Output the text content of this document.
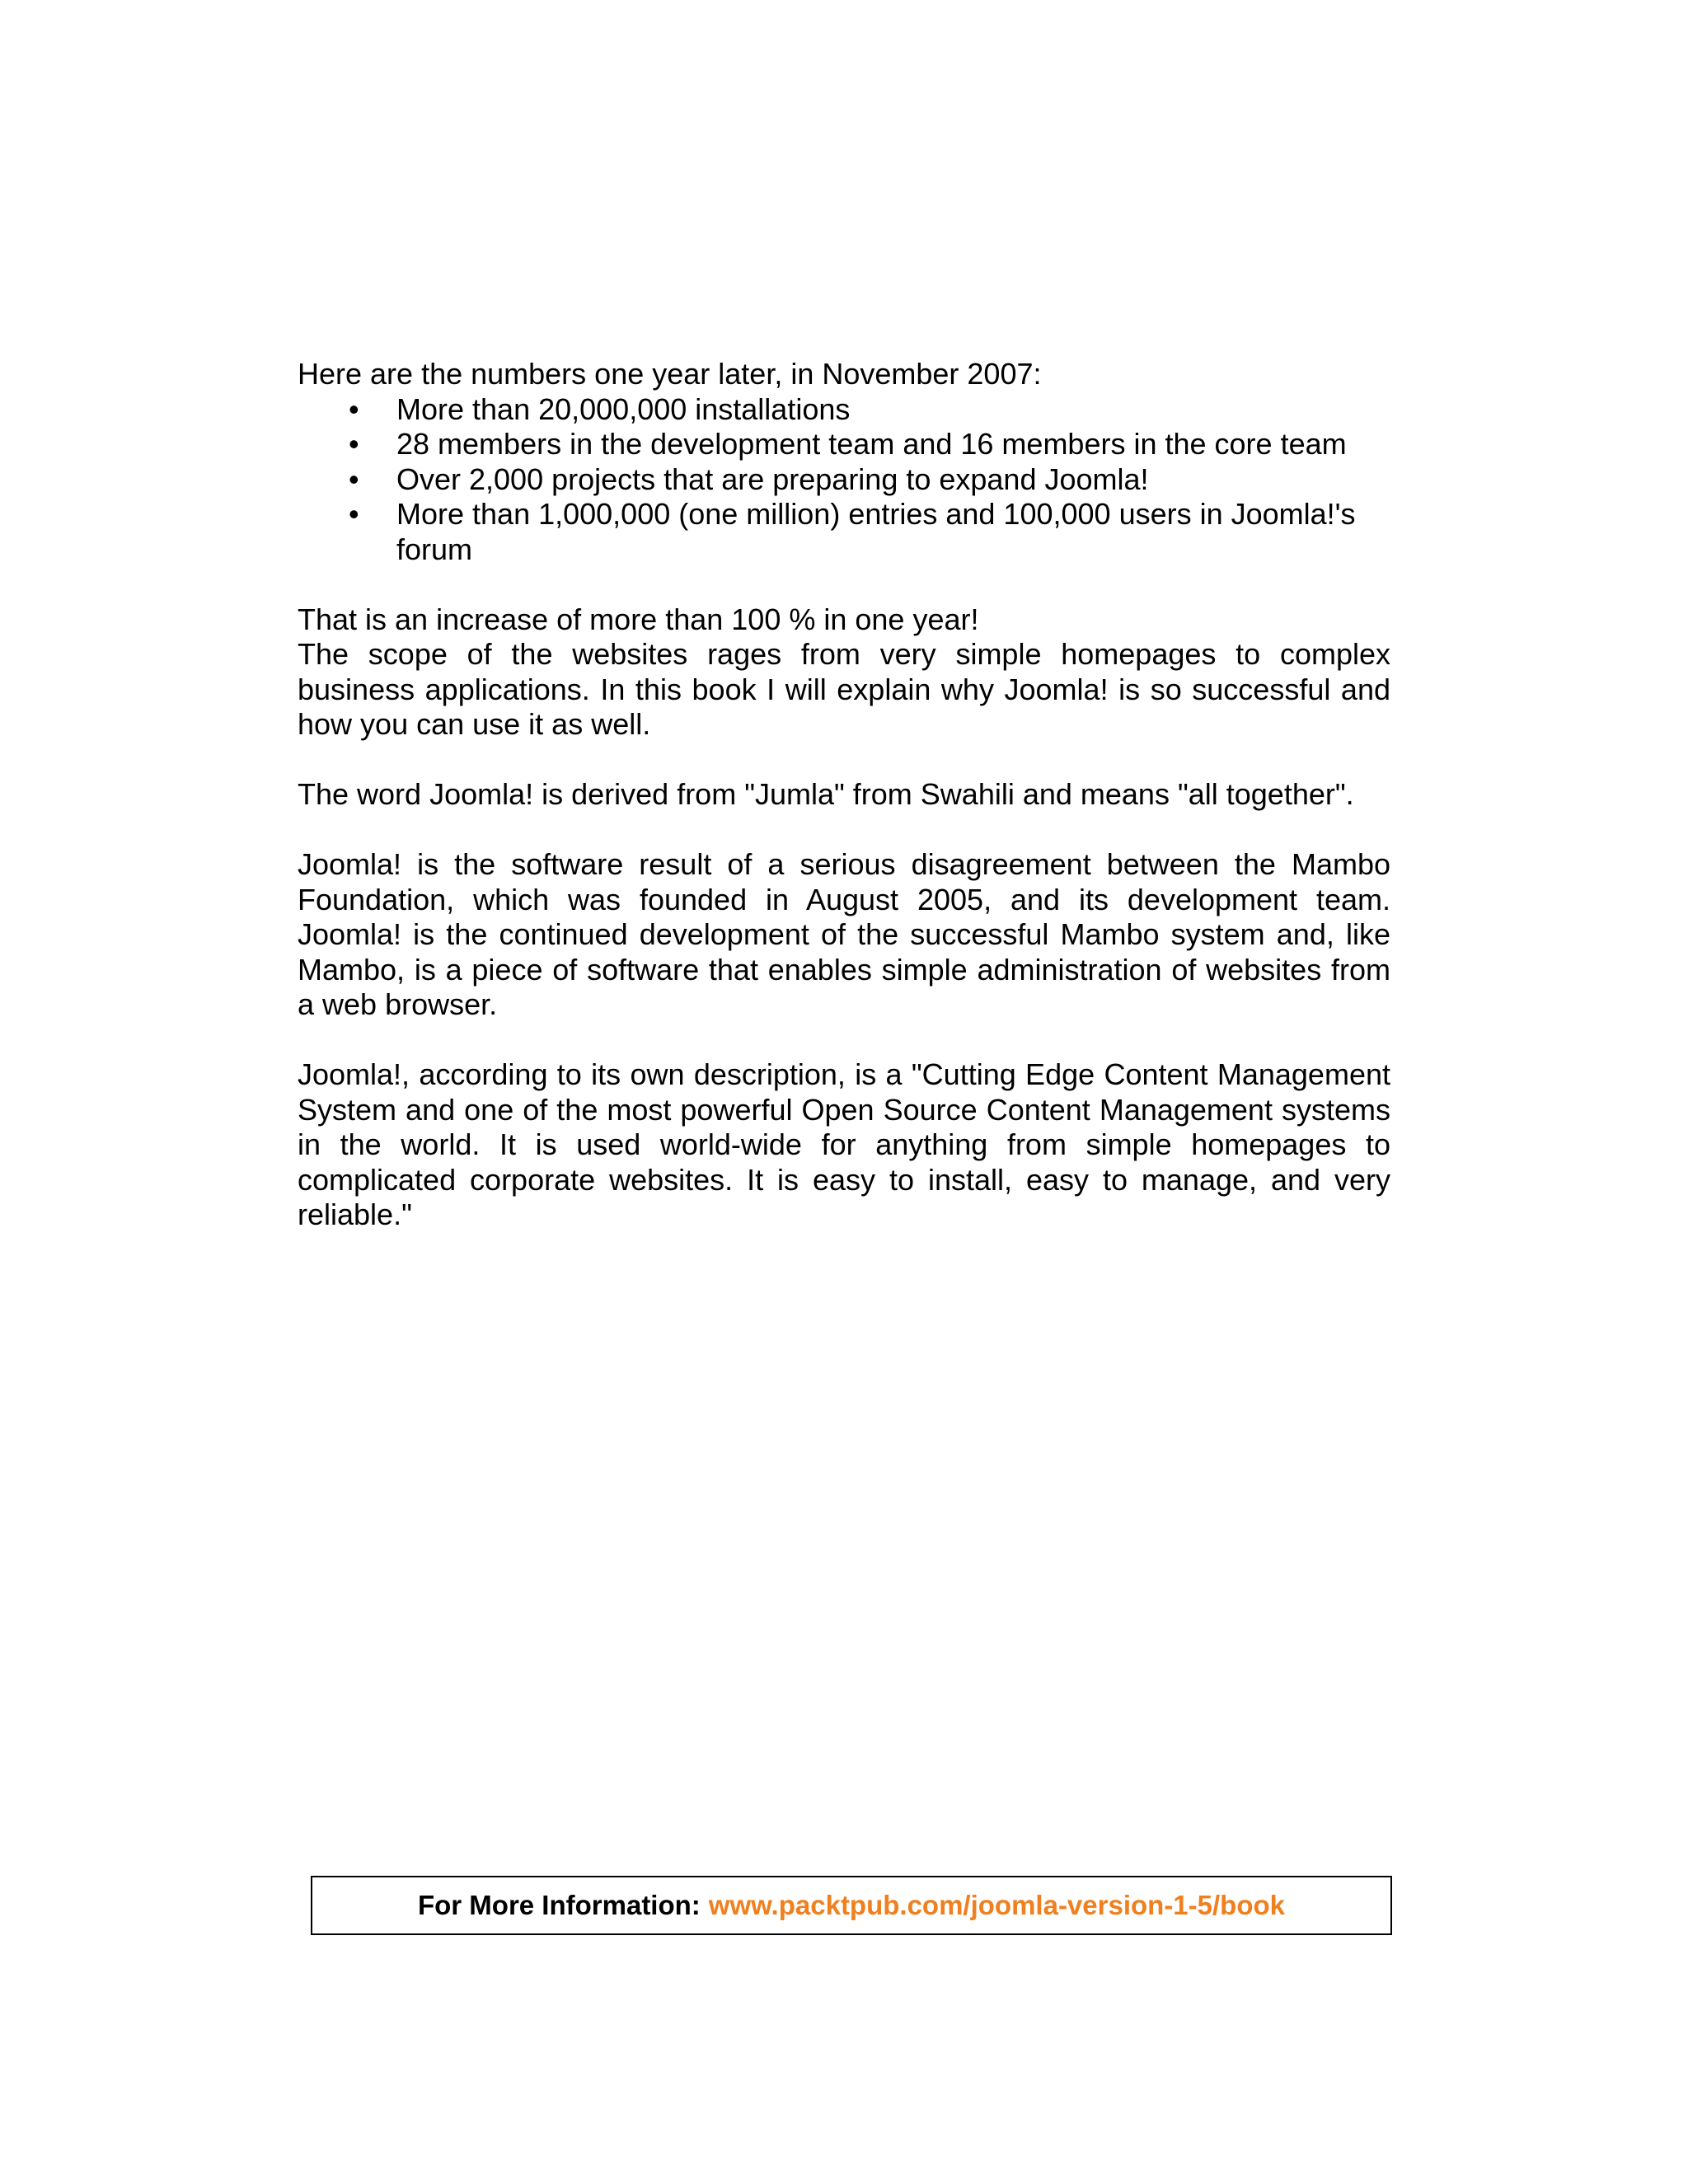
Here are the numbers one year later, in November 2007:

• More than 20,000,000 installations
• 28 members in the development team and 16 members in the core team
• Over 2,000 projects that are preparing to expand Joomla!
• More than 1,000,000 (one million) entries and 100,000 users in Joomla!'s forum

That is an increase of more than 100 % in one year!

The scope of the websites rages from very simple homepages to complex business applications. In this book I will explain why Joomla! is so successful and how you can use it as well.

The word Joomla! is derived from "Jumla" from Swahili and means "all together".

Joomla! is the software result of a serious disagreement between the Mambo Foundation, which was founded in August 2005, and its development team. Joomla! is the continued development of the successful Mambo system and, like Mambo, is a piece of software that enables simple administration of websites from a web browser.

Joomla!, according to its own description, is a "Cutting Edge Content Management System and one of the most powerful Open Source Content Management systems in the world. It is used world-wide for anything from simple homepages to complicated corporate websites. It is easy to install, easy to manage, and very reliable."

For More Information: www.packtpub.com/joomla-version-1-5/book
